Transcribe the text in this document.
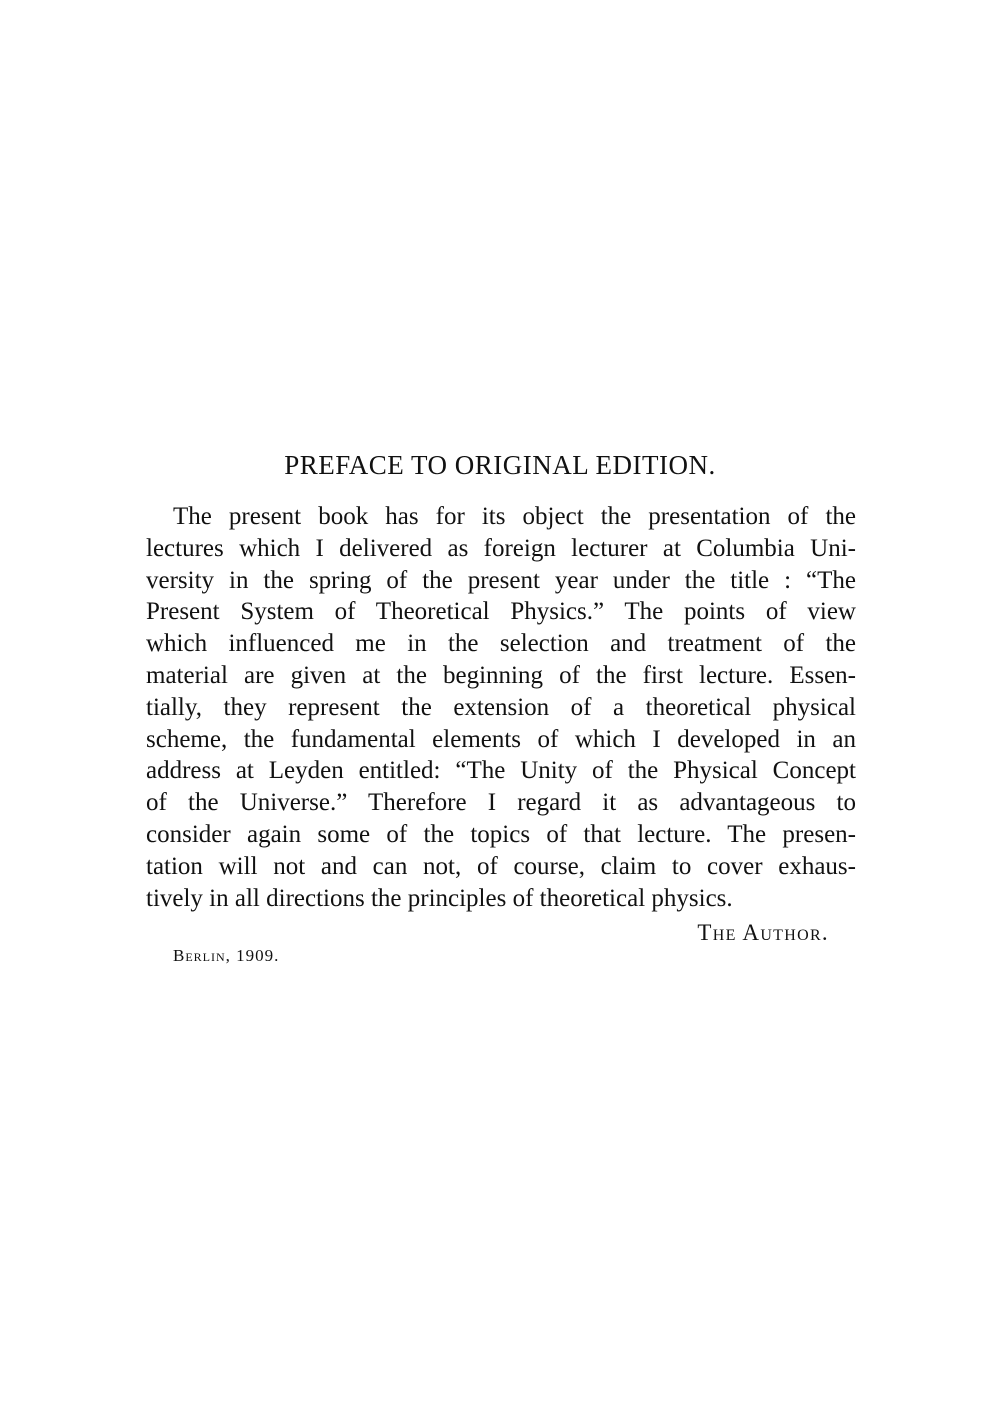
PREFACE TO ORIGINAL EDITION.
The present book has for its object the presentation of the
lectures which I delivered as foreign lecturer at Columbia Uni-
versity in the spring of the present year under the title : “The
Present System of Theoretical Physics.” The points of view
which influenced me in the selection and treatment of the
material are given at the beginning of the first lecture. Essen-
tially, they represent the extension of a theoretical physical
scheme, the fundamental elements of which I developed in an
address at Leyden entitled: “The Unity of the Physical Concept
of the Universe.” Therefore I regard it as advantageous to
consider again some of the topics of that lecture. The presen-
tation will not and can not, of course, claim to cover exhaus-
tively in all directions the principles of theoretical physics.

The Author.

Berlin, 1909.
